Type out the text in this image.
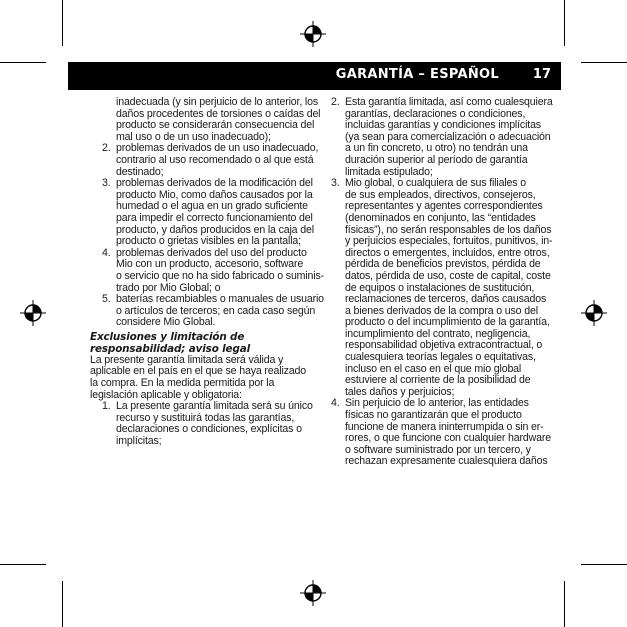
GARANTÍA – ESPAÑOL	17
inadecuada (y sin perjuicio de lo anterior, los
daños procedentes de torsiones o caídas del
producto se considerarán consecuencia del
mal uso o de un uso inadecuado);
2. problemas derivados de un uso inadecuado,
contrario al uso recomendado o al que está
destinado;
3. problemas derivados de la modificación del
producto Mio, como daños causados por la
humedad o el agua en un grado suficiente
para impedir el correcto funcionamiento del
producto, y daños producidos en la caja del
producto o grietas visibles en la pantalla;
4. problemas derivados del uso del producto
Mio con un producto, accesorio, software
o servicio que no ha sido fabricado o suminis-
trado por Mio Global; o
5. baterías recambiables o manuales de usuario
o artículos de terceros; en cada caso según
considere Mio Global.
Exclusiones y limitación de
responsabilidad; aviso legal
La presente garantía limitada será válida y
aplicable en el país en el que se haya realizado
la compra. En la medida permitida por la
legislación aplicable y obligatoria:
1. La presente garantía limitada será su único
recurso y sustituirá todas las garantías,
declaraciones o condiciones, explícitas o
implícitas;
2. Esta garantía limitada, así como cualesquiera
garantías, declaraciones o condiciones,
incluidas garantías y condiciones implícitas
(ya sean para comercialización o adecuación
a un fin concreto, u otro) no tendrán una
duración superior al período de garantía
limitada estipulado;
3. Mio global, o cualquiera de sus filiales o
de sus empleados, directivos, consejeros,
representantes y agentes correspondientes
(denominados en conjunto, las “entidades
físicas”), no serán responsables de los daños
y perjuicios especiales, fortuitos, punitivos, in-
directos o emergentes, incluidos, entre otros,
pérdida de beneficios previstos, pérdida de
datos, pérdida de uso, coste de capital, coste
de equipos o instalaciones de sustitución,
reclamaciones de terceros, daños causados
a bienes derivados de la compra o uso del
producto o del incumplimiento de la garantía,
incumplimiento del contrato, negligencia,
responsabilidad objetiva extracontractual, o
cualesquiera teorías legales o equitativas,
incluso en el caso en el que mio global
estuviere al corriente de la posibilidad de
tales daños y perjuicios;
4. Sin perjuicio de lo anterior, las entidades
físicas no garantizarán que el producto
funcione de manera ininterrumpida o sin er-
rores, o que funcione con cualquier hardware
o software suministrado por un tercero, y
rechazan expresamente cualesquiera daños
